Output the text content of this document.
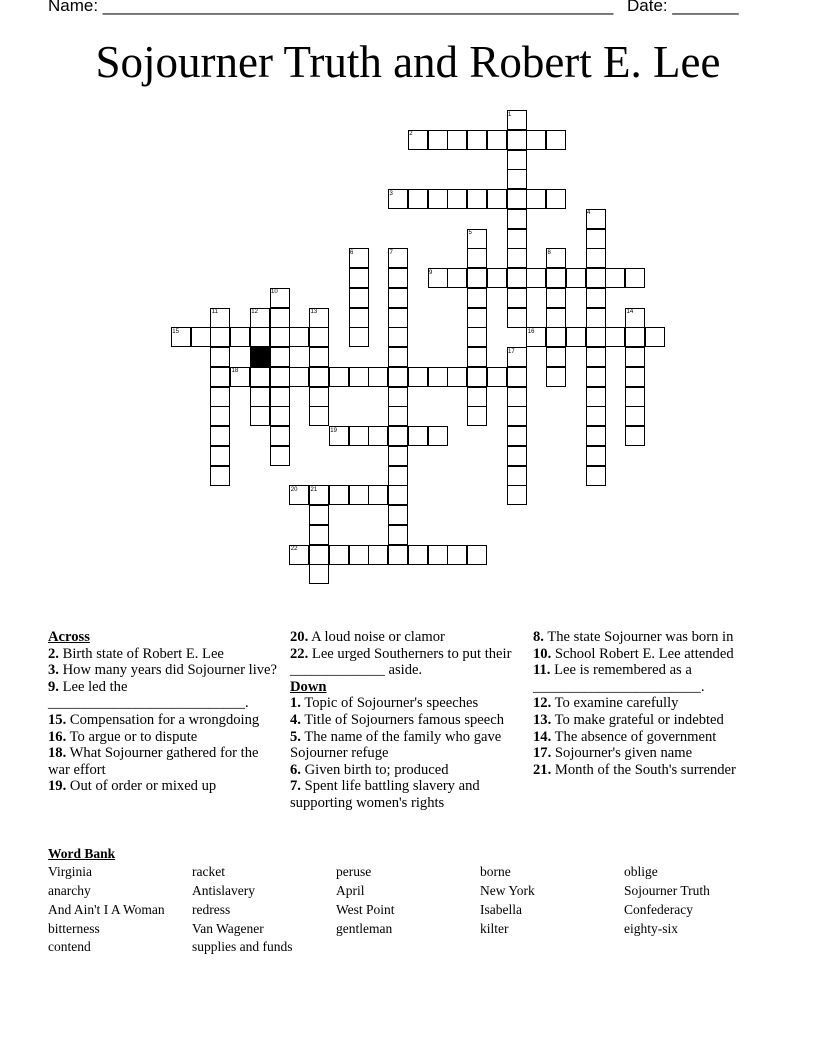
Name: ______________________________________________________ Date: _______
Sojourner Truth and Robert E. Lee
1
2
3
4
5
6	7	8
9
10
11	12	13	14
15	16
17
18
19
20 21
22
Across
2. Birth state of Robert E. Lee
3. How many years did Sojourner live?
9. Lee led the ___________________________.
15. Compensation for a wrongdoing
16. To argue or to dispute
18. What Sojourner gathered for the war effort
19. Out of order or mixed up
20. A loud noise or clamor
22. Lee urged Southerners to put their _____________ aside.
Down
1. Topic of Sojourner's speeches
4. Title of Sojourners famous speech
5. The name of the family who gave Sojourner refuge
6. Given birth to; produced
7. Spent life battling slavery and supporting women's rights
8. The state Sojourner was born in
10. School Robert E. Lee attended
11. Lee is remembered as a _______________________.
12. To examine carefully
13. To make grateful or indebted
14. The absence of government
17. Sojourner's given name
21. Month of the South's surrender
Word Bank
Virginia
anarchy
And Ain't I A Woman
bitterness
contend
racket
Antislavery
redress
Van Wagener
supplies and funds
peruse
April
West Point
gentleman
borne
New York
Isabella
kilter
oblige
Sojourner Truth
Confederacy
eighty-six
